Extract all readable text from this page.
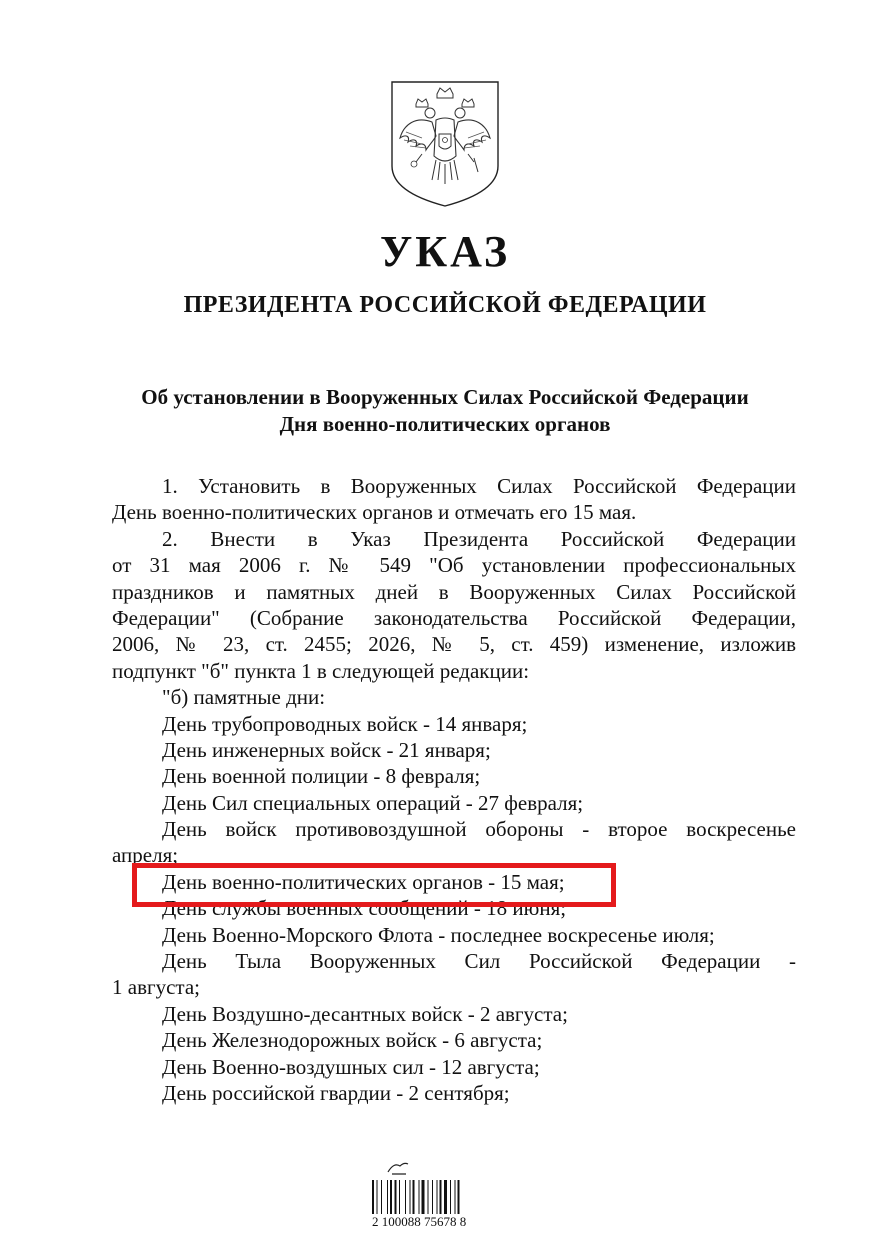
УКАЗ
ПРЕЗИДЕНТА РОССИЙСКОЙ ФЕДЕРАЦИИ
Об установлении в Вооруженных Силах Российской Федерации
Дня военно-политических органов
1. Установить в Вооруженных Силах Российской Федерации
День военно-политических органов и отмечать его 15 мая.
2. Внести в Указ Президента Российской Федерации
от 31 мая 2006 г. № 549 "Об установлении профессиональных
праздников и памятных дней в Вооруженных Силах Российской
Федерации" (Собрание законодательства Российской Федерации,
2006, № 23, ст. 2455; 2026, № 5, ст. 459) изменение, изложив
подпункт "б" пункта 1 в следующей редакции:
"б) памятные дни:
День трубопроводных войск - 14 января;
День инженерных войск - 21 января;
День военной полиции - 8 февраля;
День Сил специальных операций - 27 февраля;
День войск противовоздушной обороны - второе воскресенье
апреля;
День военно-политических органов - 15 мая;
День службы военных сообщений - 18 июня;
День Военно-Морского Флота - последнее воскресенье июля;
День Тыла Вооруженных Сил Российской Федерации -
1 августа;
День Воздушно-десантных войск - 2 августа;
День Железнодорожных войск - 6 августа;
День Военно-воздушных сил - 12 августа;
День российской гвардии - 2 сентября;
2 100088 75678 8
